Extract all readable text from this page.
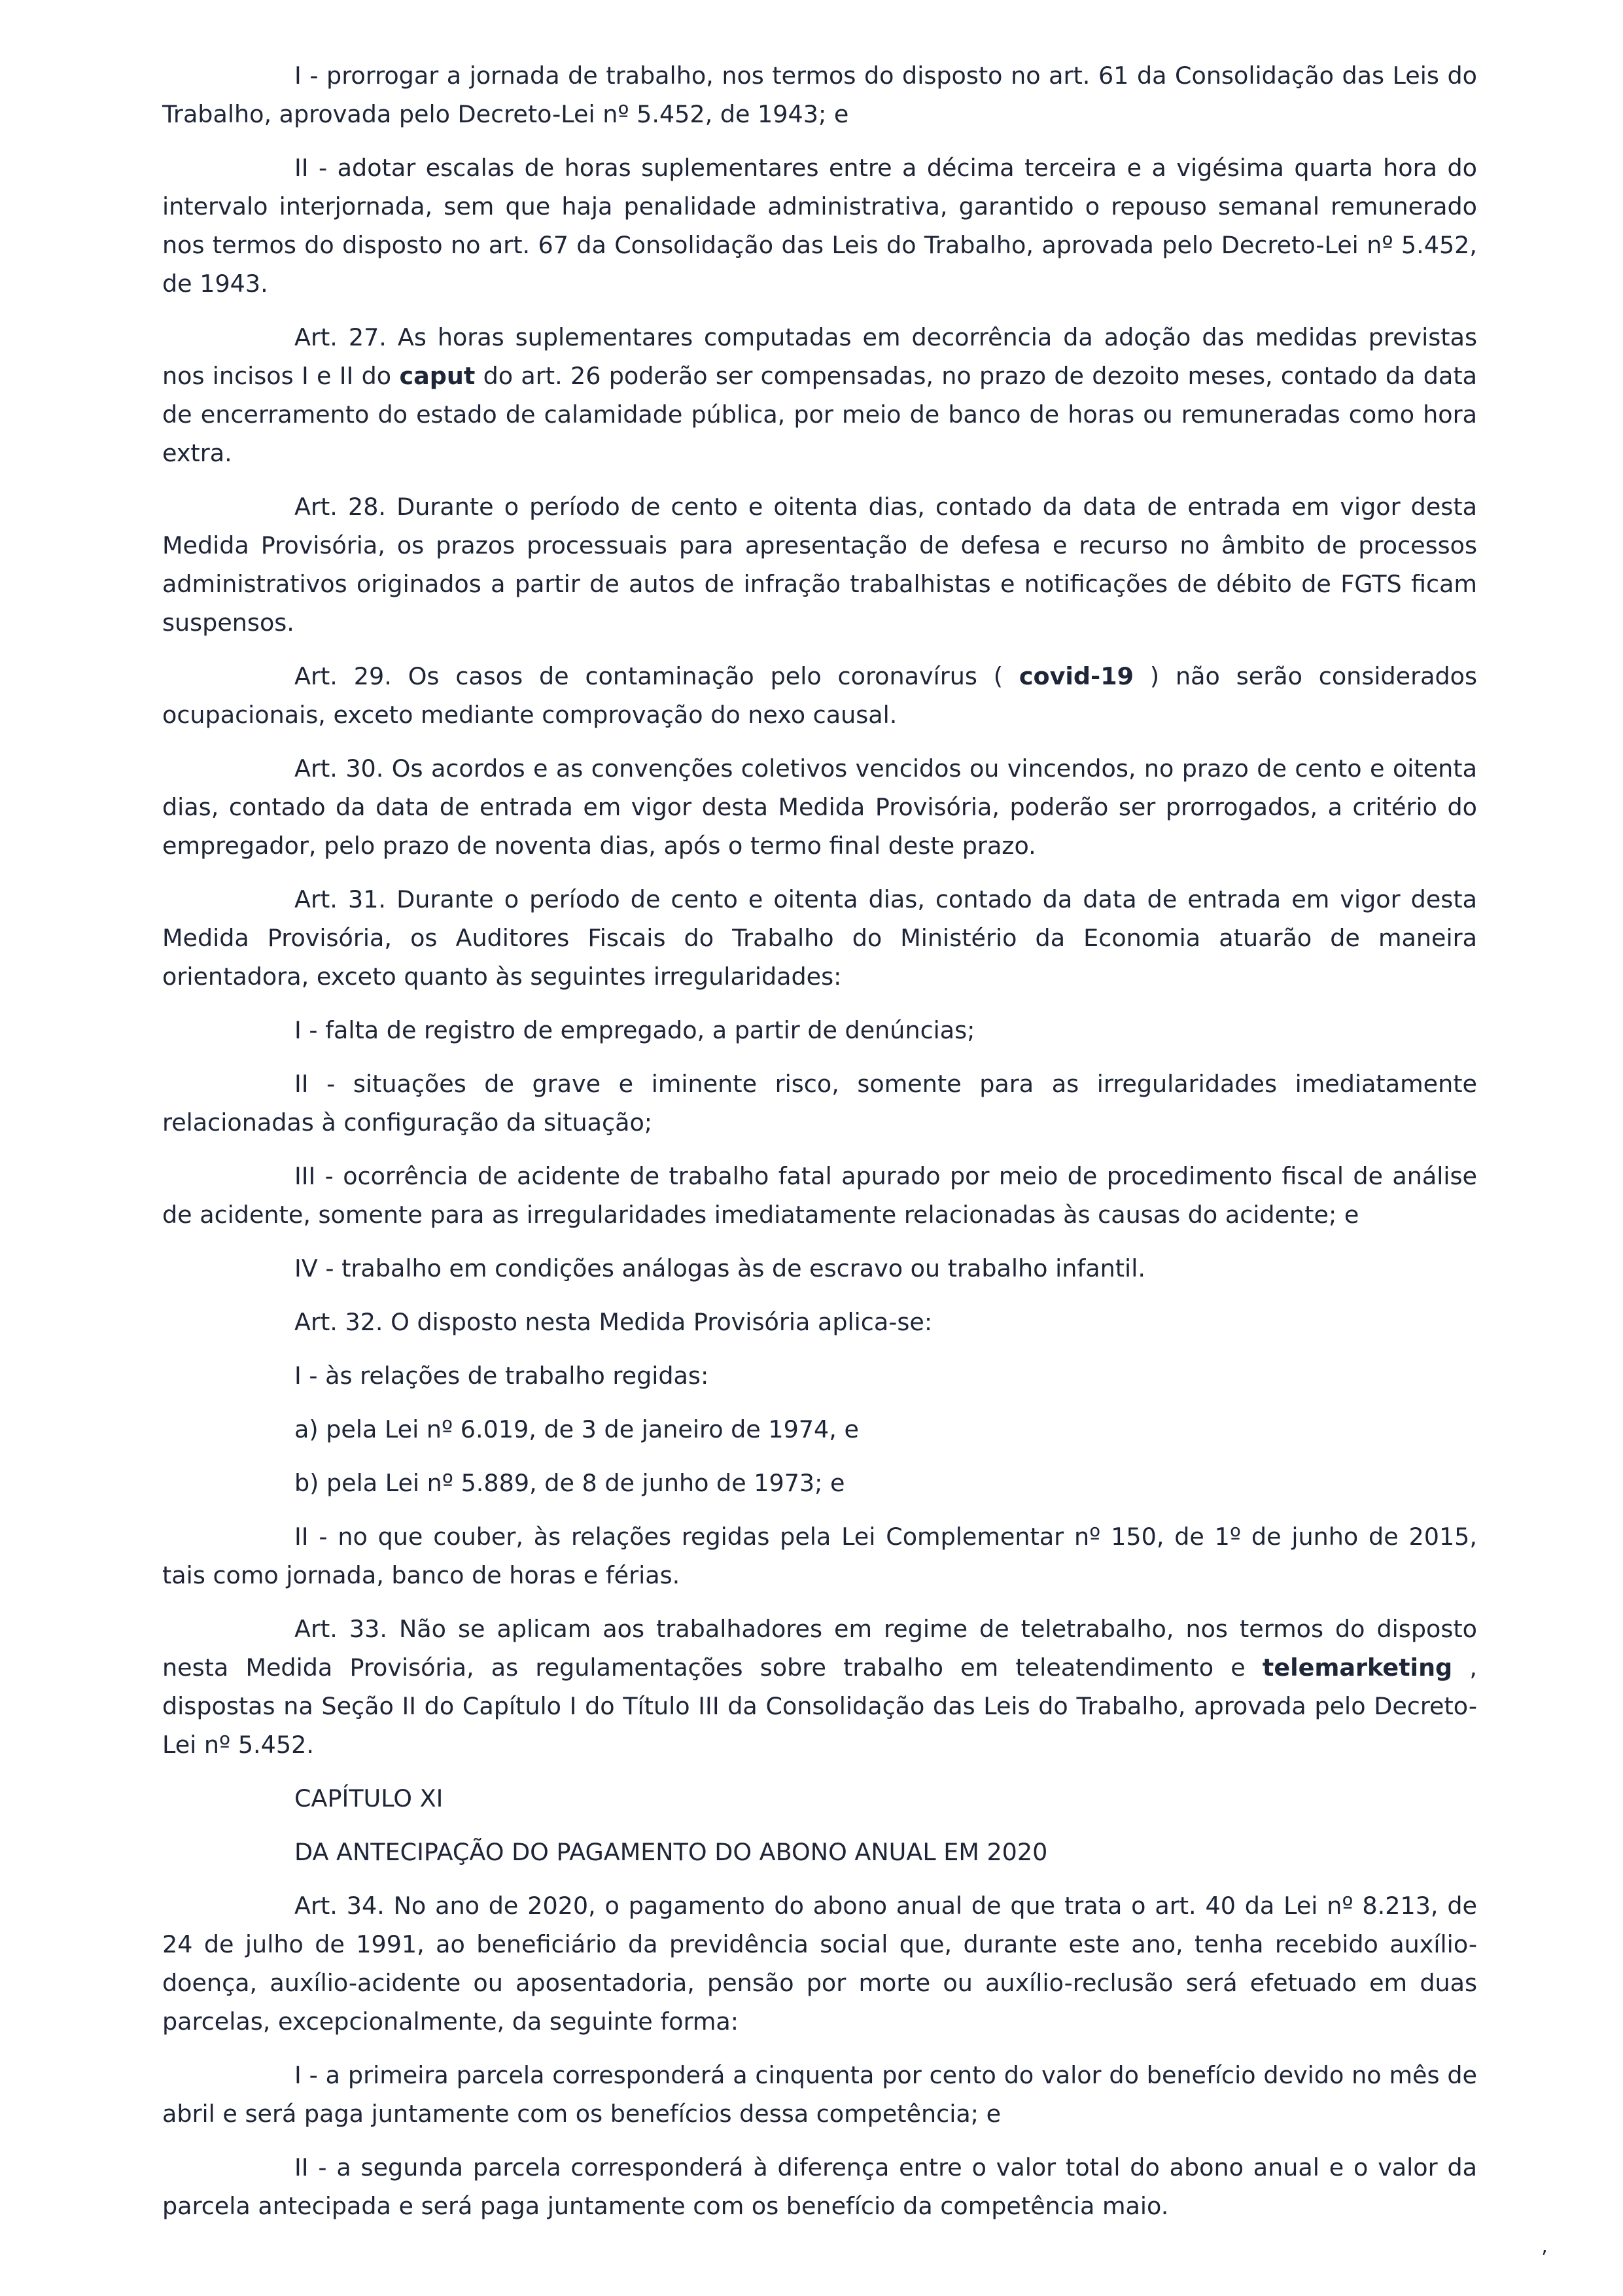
I - prorrogar a jornada de trabalho, nos termos do disposto no art. 61 da Consolidação das Leis do Trabalho, aprovada pelo Decreto-Lei nº 5.452, de 1943; e

II - adotar escalas de horas suplementares entre a décima terceira e a vigésima quarta hora do intervalo interjornada, sem que haja penalidade administrativa, garantido o repouso semanal remunerado nos termos do disposto no art. 67 da Consolidação das Leis do Trabalho, aprovada pelo Decreto-Lei nº 5.452, de 1943.

Art. 27. As horas suplementares computadas em decorrência da adoção das medidas previstas nos incisos I e II do caput do art. 26 poderão ser compensadas, no prazo de dezoito meses, contado da data de encerramento do estado de calamidade pública, por meio de banco de horas ou remuneradas como hora extra.

Art. 28. Durante o período de cento e oitenta dias, contado da data de entrada em vigor desta Medida Provisória, os prazos processuais para apresentação de defesa e recurso no âmbito de processos administrativos originados a partir de autos de infração trabalhistas e notificações de débito de FGTS ficam suspensos.

Art. 29. Os casos de contaminação pelo coronavírus ( covid-19 ) não serão considerados ocupacionais, exceto mediante comprovação do nexo causal.

Art. 30. Os acordos e as convenções coletivos vencidos ou vincendos, no prazo de cento e oitenta dias, contado da data de entrada em vigor desta Medida Provisória, poderão ser prorrogados, a critério do empregador, pelo prazo de noventa dias, após o termo final deste prazo.

Art. 31. Durante o período de cento e oitenta dias, contado da data de entrada em vigor desta Medida Provisória, os Auditores Fiscais do Trabalho do Ministério da Economia atuarão de maneira orientadora, exceto quanto às seguintes irregularidades:

I - falta de registro de empregado, a partir de denúncias;

II - situações de grave e iminente risco, somente para as irregularidades imediatamente relacionadas à configuração da situação;

III - ocorrência de acidente de trabalho fatal apurado por meio de procedimento fiscal de análise de acidente, somente para as irregularidades imediatamente relacionadas às causas do acidente; e

IV - trabalho em condições análogas às de escravo ou trabalho infantil.

Art. 32. O disposto nesta Medida Provisória aplica-se:

I - às relações de trabalho regidas:

a) pela Lei nº 6.019, de 3 de janeiro de 1974, e

b) pela Lei nº 5.889, de 8 de junho de 1973; e

II - no que couber, às relações regidas pela Lei Complementar nº 150, de 1º de junho de 2015, tais como jornada, banco de horas e férias.

Art. 33. Não se aplicam aos trabalhadores em regime de teletrabalho, nos termos do disposto nesta Medida Provisória, as regulamentações sobre trabalho em teleatendimento e telemarketing , dispostas na Seção II do Capítulo I do Título III da Consolidação das Leis do Trabalho, aprovada pelo Decreto-Lei nº 5.452.

CAPÍTULO XI

DA ANTECIPAÇÃO DO PAGAMENTO DO ABONO ANUAL EM 2020

Art. 34. No ano de 2020, o pagamento do abono anual de que trata o art. 40 da Lei nº 8.213, de 24 de julho de 1991, ao beneficiário da previdência social que, durante este ano, tenha recebido auxílio-doença, auxílio-acidente ou aposentadoria, pensão por morte ou auxílio-reclusão será efetuado em duas parcelas, excepcionalmente, da seguinte forma:

I - a primeira parcela corresponderá a cinquenta por cento do valor do benefício devido no mês de abril e será paga juntamente com os benefícios dessa competência; e

II - a segunda parcela corresponderá à diferença entre o valor total do abono anual e o valor da parcela antecipada e será paga juntamente com os benefício da competência maio.

’
